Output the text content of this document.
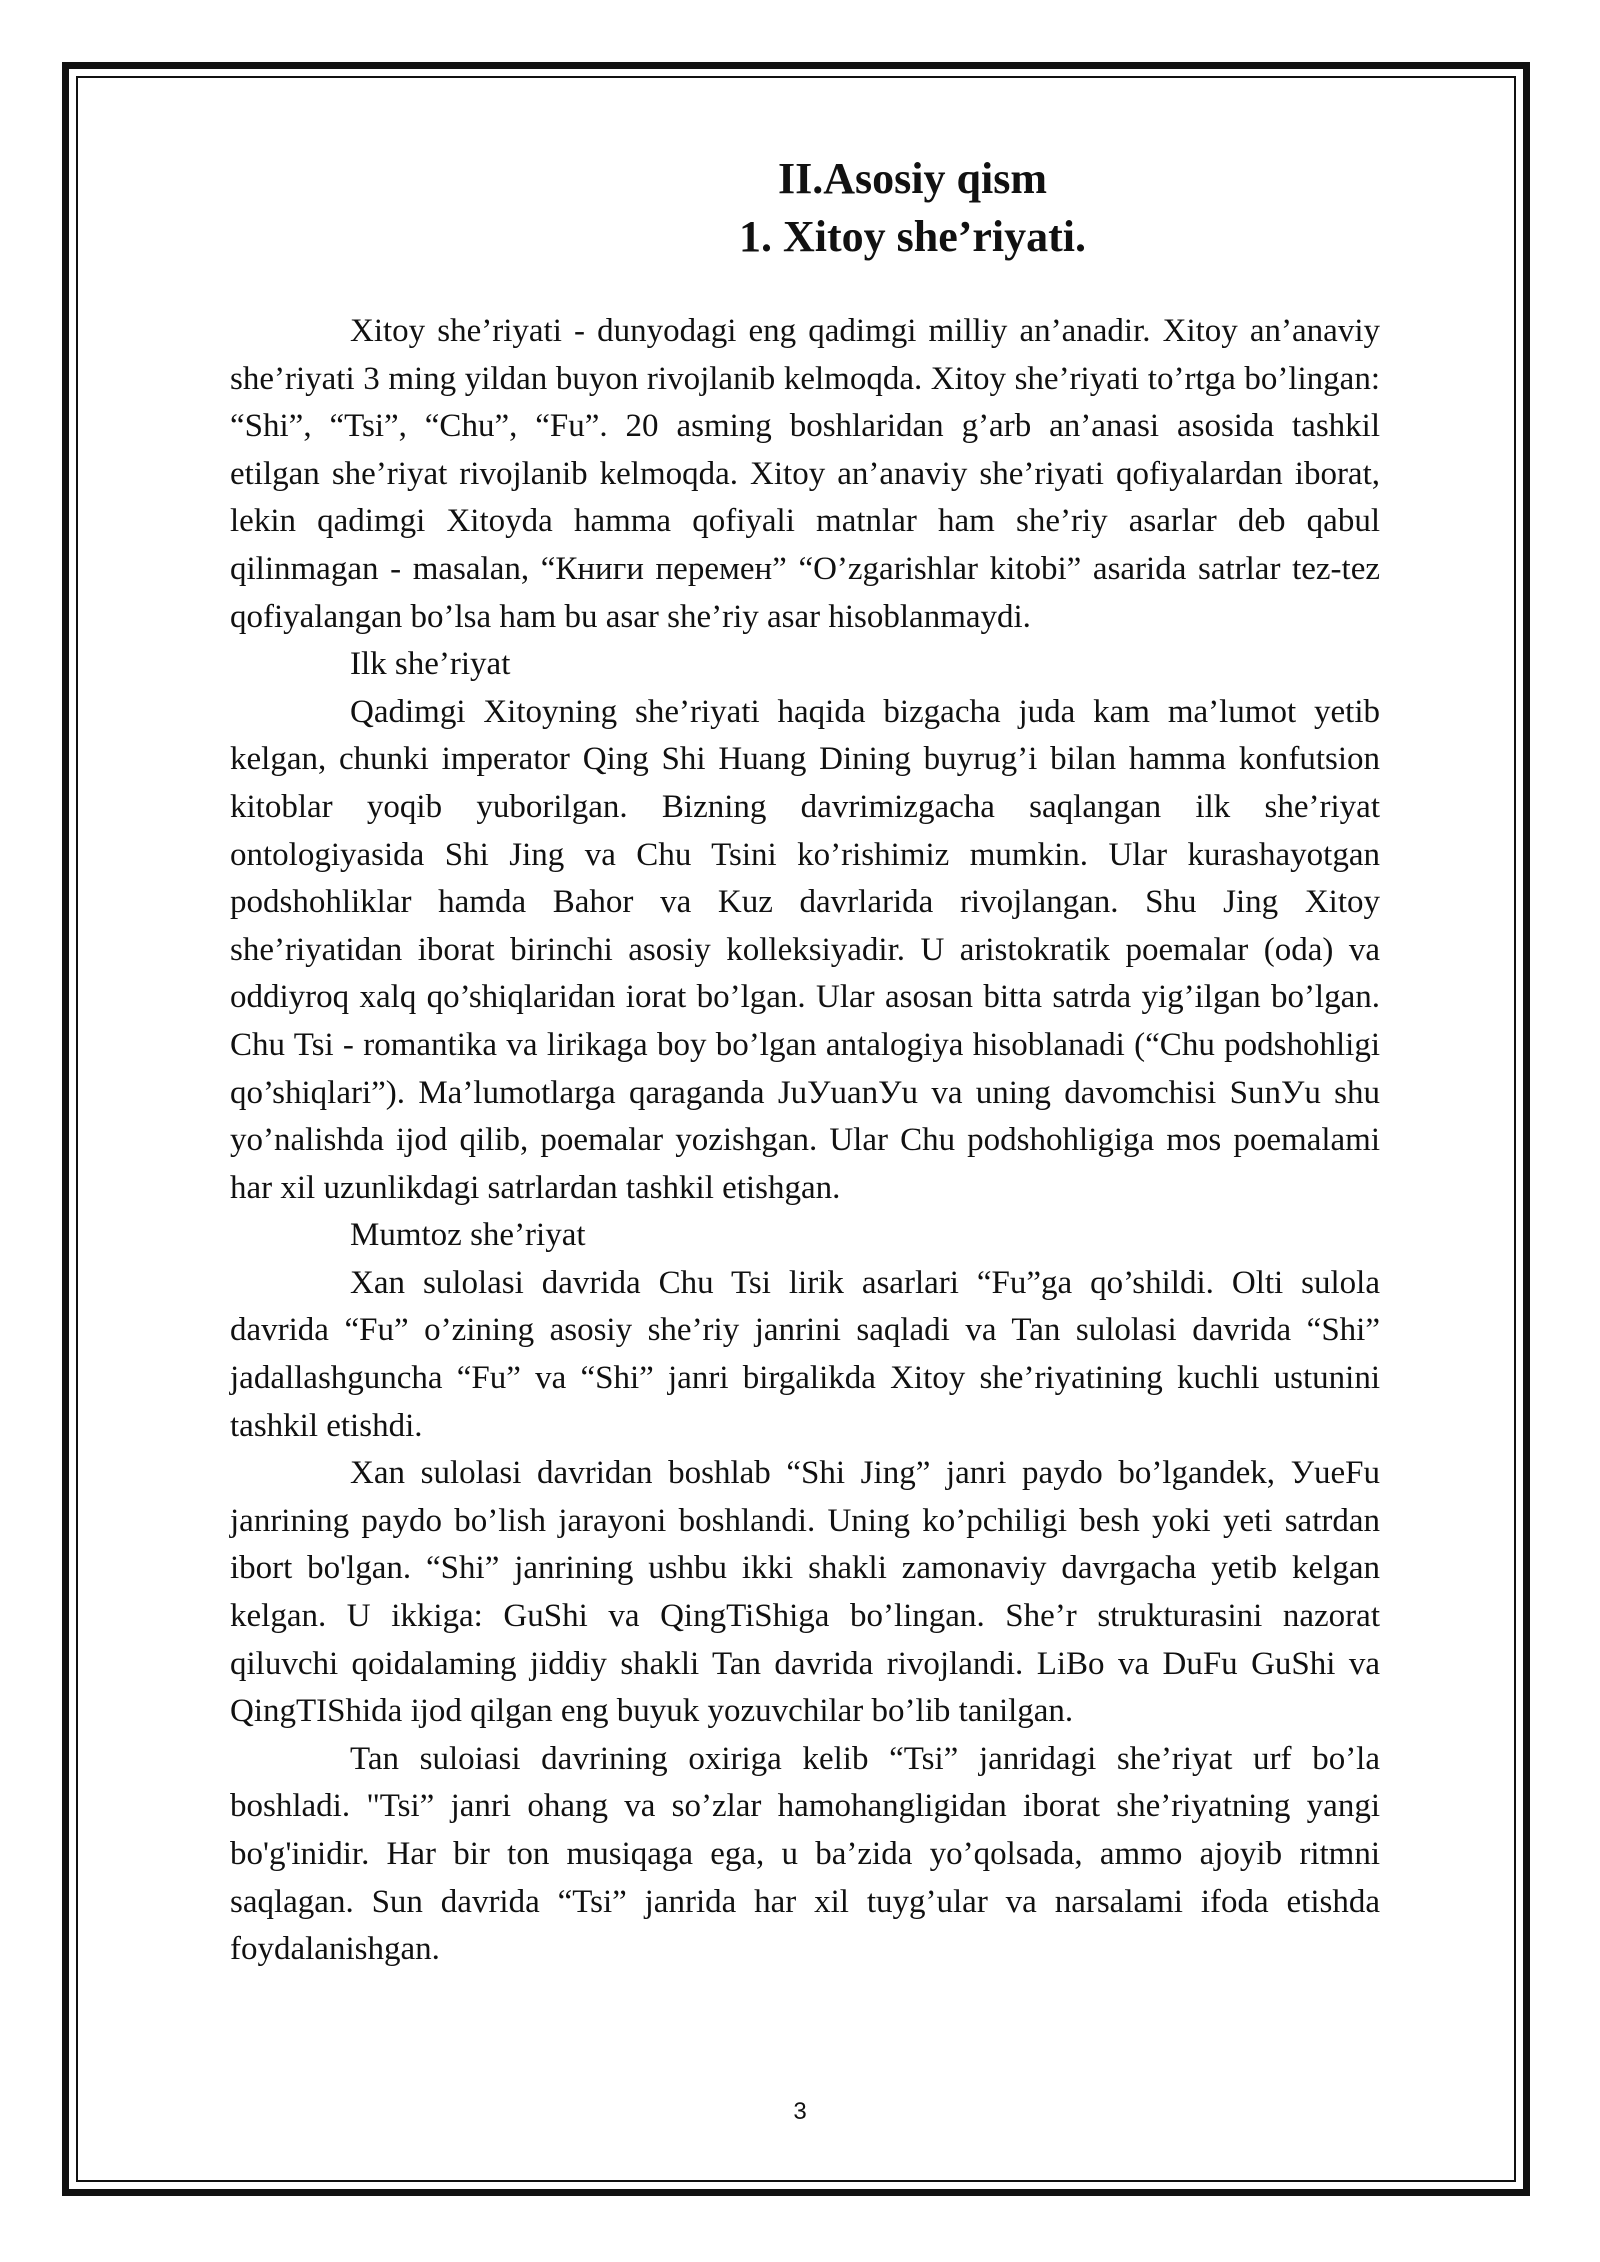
II.Asosiy qism
1. Xitoy she’riyati.

Xitoy she’riyati - dunyodagi eng qadimgi milliy an’anadir. Xitoy an’anaviy she’riyati 3 ming yildan buyon rivojlanib kelmoqda. Xitoy she’riyati to’rtga bo’lingan: “Shi”, “Tsi”, “Chu”, “Fu”. 20 asming boshlaridan g’arb an’anasi asosida tashkil etilgan she’riyat rivojlanib kelmoqda. Xitoy an’anaviy she’riyati qofiyalardan iborat, lekin qadimgi Xitoyda hamma qofiyali matnlar ham she’riy asarlar deb qabul qilinmagan - masalan, “Книги перемен” “O’zgarishlar kitobi” asarida satrlar tez-tez qofiyalangan bo’lsa ham bu asar she’riy asar hisoblanmaydi.

Ilk she’riyat

Qadimgi Xitoyning she’riyati haqida bizgacha juda kam ma’lumot yetib kelgan, chunki imperator Qing Shi Huang Dining buyrug’i bilan hamma konfutsion kitoblar yoqib yuborilgan. Bizning davrimizgacha saqlangan ilk she’riyat ontologiyasida Shi Jing va Chu Tsini ko’rishimiz mumkin. Ular kurashayotgan podshohliklar hamda Bahor va Kuz davrlarida rivojlangan. Shu Jing Xitoy she’riyatidan iborat birinchi asosiy kolleksiyadir. U aristokratik poemalar (oda) va oddiyroq xalq qo’shiqlaridan iorat bo’lgan. Ular asosan bitta satrda yig’ilgan bo’lgan. Chu Tsi - romantika va lirikaga boy bo’lgan antalogiya hisoblanadi (“Chu podshohligi qo’shiqlari”). Ma’lumotlarga qaraganda JuУuanУu va uning davomchisi SunУu shu yo’nalishda ijod qilib, poemalar yozishgan. Ular Chu podshohligiga mos poemalami har xil uzunlikdagi satrlardan tashkil etishgan.

Mumtoz she’riyat

Xan sulolasi davrida Chu Tsi lirik asarlari “Fu”ga qo’shildi. Olti sulola davrida “Fu” o’zining asosiy she’riy janrini saqladi va Tan sulolasi davrida “Shi” jadallashguncha “Fu” va “Shi” janri birgalikda Xitoy she’riyatining kuchli ustunini tashkil etishdi.

Xan sulolasi davridan boshlab “Shi Jing” janri paydo bo’lgandek, УueFu janrining paydo bo’lish jarayoni boshlandi. Uning ko’pchiligi besh yoki yeti satrdan ibort bo'lgan. “Shi” janrining ushbu ikki shakli zamonaviy davrgacha yetib kelgan kelgan. U ikkiga: GuShi va QingTiShiga bo’lingan. She’r strukturasini nazorat qiluvchi qoidalaming jiddiy shakli Tan davrida rivojlandi. LiBo va DuFu GuShi va QingTIShida ijod qilgan eng buyuk yozuvchilar bo’lib tanilgan.

Tan suloiasi davrining oxiriga kelib “Tsi” janridagi she’riyat urf bo’la boshladi. "Tsi” janri ohang va so’zlar hamohangligidan iborat she’riyatning yangi bo'g'inidir. Har bir ton musiqaga ega, u ba’zida yo’qolsada, ammo ajoyib ritmni saqlagan. Sun davrida “Tsi” janrida har xil tuyg’ular va narsalami ifoda etishda foydalanishgan.

3
